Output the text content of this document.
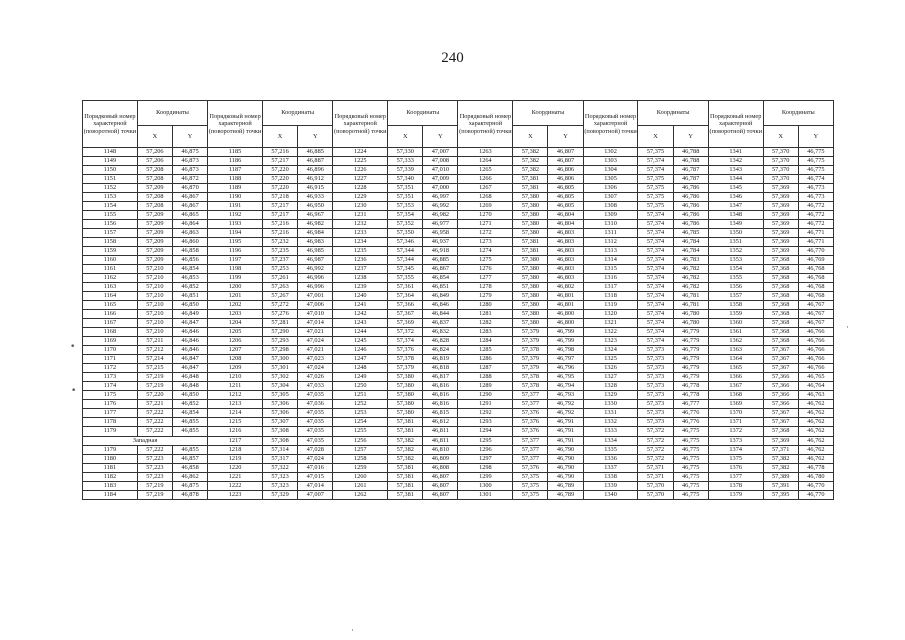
240
Порядковый номер характерной (поворотной) точки	Координаты		Порядковый номер характерной (поворотной) точки	Координаты		Порядковый номер характерной (поворотной) точки	Координаты		Порядковый номер характерной (поворотной) точки	Координаты		Порядковый номер характерной (поворотной) точки	Координаты		Порядковый номер характерной (поворотной) точки	Координаты	
	X	Y		X	Y		X	Y		X	Y		X	Y		X	Y
1148	57,206	46,875	1185	57,216	46,885	1224	57,330	47,007	1263	57,382	46,807	1302	57,375	46,788	1341	57,370	46,775
1149	57,206	46,873	1186	57,217	46,887	1225	57,333	47,008	1264	57,382	46,807	1303	57,374	46,788	1342	57,370	46,775
1150	57,208	46,873	1187	57,220	46,896	1226	57,339	47,010	1265	57,382	46,806	1304	57,374	46,787	1343	57,370	46,775
1151	57,208	46,872	1188	57,220	46,912	1227	57,340	47,009	1266	57,381	46,806	1305	57,375	46,787	1344	57,370	46,774
1152	57,209	46,870	1189	57,220	46,915	1228	57,351	47,000	1267	57,381	46,805	1306	57,375	46,786	1345	57,369	46,773
1153	57,208	46,867	1190	57,218	46,933	1229	57,351	46,997	1268	57,380	46,805	1307	57,375	46,786	1346	57,369	46,773
1154	57,208	46,867	1191	57,217	46,950	1230	57,353	46,992	1269	57,380	46,805	1308	57,375	46,786	1347	57,369	46,772
1155	57,209	46,865	1192	57,217	46,967	1231	57,354	46,982	1270	57,380	46,804	1309	57,374	46,786	1348	57,369	46,772
1156	57,209	46,864	1193	57,216	46,982	1232	57,352	46,977	1271	57,380	46,804	1310	57,374	46,786	1349	57,369	46,772
1157	57,209	46,863	1194	57,216	46,984	1233	57,350	46,958	1272	57,380	46,803	1311	57,374	46,785	1350	57,369	46,771
1158	57,209	46,860	1195	57,232	46,983	1234	57,346	46,937	1273	57,381	46,803	1312	57,374	46,784	1351	57,369	46,771
1159	57,209	46,858	1196	57,235	46,985	1235	57,344	46,918	1274	57,381	46,803	1313	57,374	46,784	1352	57,369	46,770
1160	57,209	46,856	1197	57,237	46,987	1236	57,344	46,885	1275	57,380	46,803	1314	57,374	46,783	1353	57,368	46,769
1161	57,210	46,854	1198	57,253	46,992	1237	57,345	46,867	1276	57,380	46,803	1315	57,374	46,782	1354	57,368	46,768
1162	57,210	46,853	1199	57,261	46,996	1238	57,355	46,854	1277	57,380	46,803	1316	57,374	46,782	1355	57,368	46,768
1163	57,210	46,852	1200	57,263	46,996	1239	57,361	46,851	1278	57,380	46,802	1317	57,374	46,782	1356	57,368	46,768
1164	57,210	46,851	1201	57,267	47,001	1240	57,364	46,849	1279	57,380	46,801	1318	57,374	46,781	1357	57,368	46,768
1165	57,210	46,850	1202	57,272	47,006	1241	57,366	46,846	1280	57,380	46,801	1319	57,374	46,781	1358	57,368	46,767
1166	57,210	46,849	1203	57,276	47,010	1242	57,367	46,844	1281	57,380	46,800	1320	57,374	46,780	1359	57,368	46,767
1167	57,210	46,847	1204	57,281	47,014	1243	57,369	46,837	1282	57,380	46,800	1321	57,374	46,780	1360	57,368	46,767
1168	57,210	46,846	1205	57,290	47,021	1244	57,372	46,832	1283	57,379	46,799	1322	57,374	46,779	1361	57,368	46,766
1169	57,211	46,846	1206	57,293	47,024	1245	57,374	46,828	1284	57,379	46,799	1323	57,374	46,779	1362	57,368	46,766
1170	57,212	46,846	1207	57,298	47,021	1246	57,376	46,824	1285	57,378	46,798	1324	57,373	46,779	1363	57,367	46,766
1171	57,214	46,847	1208	57,300	47,023	1247	57,378	46,819	1286	57,379	46,797	1325	57,373	46,779	1364	57,367	46,766
1172	57,215	46,847	1209	57,301	47,024	1248	57,379	46,818	1287	57,379	46,796	1326	57,373	46,779	1365	57,367	46,766
1173	57,219	46,848	1210	57,302	47,026	1249	57,380	46,817	1288	57,378	46,795	1327	57,373	46,779	1366	57,366	46,765
1174	57,219	46,848	1211	57,304	47,033	1250	57,380	46,816	1289	57,378	46,794	1328	57,373	46,778	1367	57,366	46,764
1175	57,220	46,850	1212	57,305	47,035	1251	57,380	46,816	1290	57,377	46,793	1329	57,373	46,778	1368	57,366	46,763
1176	57,221	46,852	1213	57,306	47,036	1252	57,380	46,816	1291	57,377	46,792	1330	57,373	46,777	1369	57,366	46,762
1177	57,222	46,854	1214	57,306	47,035	1253	57,380	46,815	1292	57,376	46,792	1331	57,373	46,776	1370	57,367	46,762
1178	57,222	46,855	1215	57,307	47,035	1254	57,381	46,812	1293	57,376	46,791	1332	57,373	46,776	1371	57,367	46,762
1179	57,222	46,855	1216	57,308	47,035	1255	57,381	46,811	1294	57,376	46,791	1333	57,372	46,775	1372	57,368	46,762
Западная			1217	57,308	47,035	1256	57,382	46,811	1295	57,377	46,791	1334	57,372	46,775	1373	57,369	46,762
1179	57,222	46,855	1218	57,314	47,028	1257	57,382	46,810	1296	57,377	46,790	1335	57,372	46,775	1374	57,371	46,762
1180	57,223	46,857	1219	57,317	47,024	1258	57,382	46,809	1297	57,377	46,790	1336	57,372	46,775	1375	57,382	46,762
1181	57,223	46,858	1220	57,322	47,016	1259	57,381	46,808	1298	57,376	46,790	1337	57,371	46,775	1376	57,382	46,778
1182	57,223	46,862	1221	57,323	47,015	1260	57,381	46,807	1299	57,375	46,790	1338	57,371	46,775	1377	57,389	46,780
1183	57,219	46,875	1222	57,323	47,014	1261	57,381	46,807	1300	57,375	46,789	1339	57,370	46,775	1378	57,391	46,770
1184	57,219	46,878	1223	57,329	47,007	1262	57,381	46,807	1301	57,375	46,789	1340	57,370	46,775	1379	57,395	46,770
•
•
·
·
